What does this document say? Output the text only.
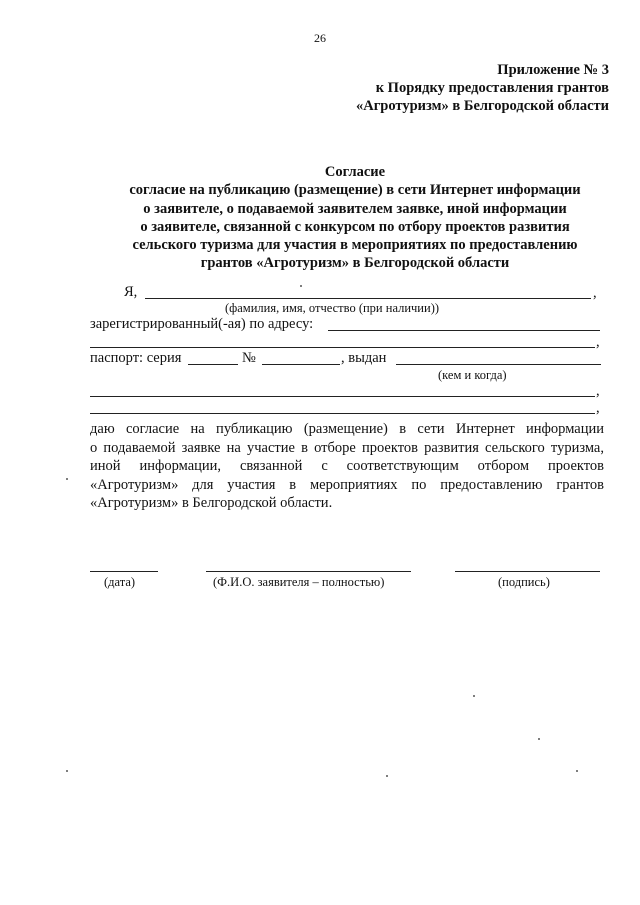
26
Приложение № 3
к Порядку предоставления грантов
«Агротуризм» в Белгородской области
Согласие
согласие на публикацию (размещение) в сети Интернет информации
о заявителе, о подаваемой заявителем заявке, иной информации
о заявителе, связанной с конкурсом по отбору проектов развития
сельского туризма для участия в мероприятиях по предоставлению
грантов «Агротуризм» в Белгородской области
Я,	,
(фамилия, имя, отчество (при наличии))
зарегистрированный(-ая) по адресу:
,
паспорт: серия	№	, выдан
(кем и когда)
,
,
даю согласие на публикацию (размещение) в сети Интернет информации
о подаваемой заявке на участие в отборе проектов развития сельского туризма,
иной информации, связанной с соответствующим отбором проектов
«Агротуризм» для участия в мероприятиях по предоставлению грантов
«Агротуризм» в Белгородской области.
(дата)	(Ф.И.О. заявителя – полностью)	(подпись)
